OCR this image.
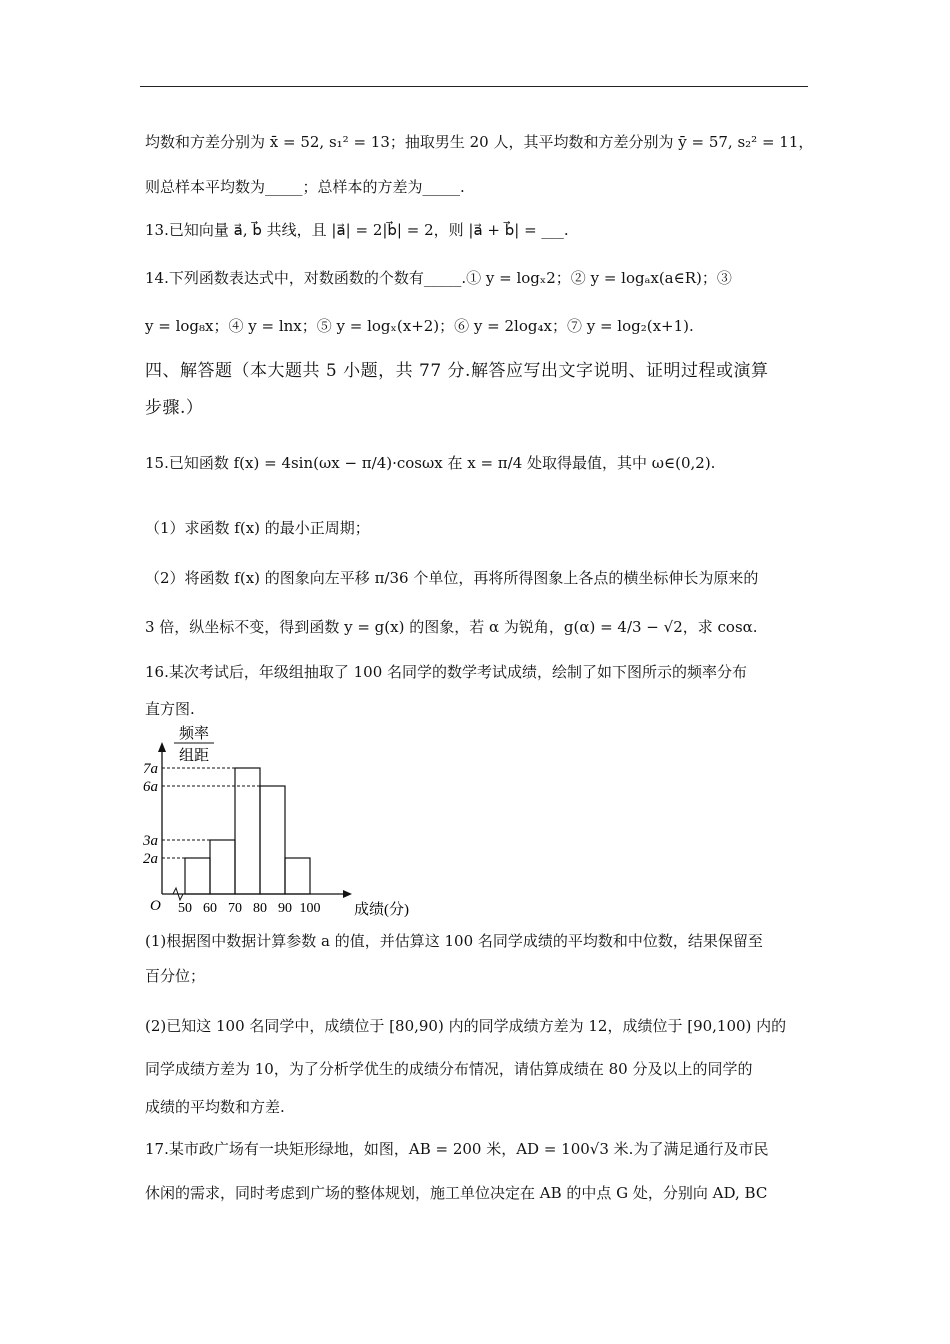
均数和方差分别为 x̄ = 52, s₁² = 13；抽取男生 20 人，其平均数和方差分别为 ȳ = 57, s₂² = 11，
则总样本平均数为_____；总样本的方差为_____.
13.已知向量 a⃗, b⃗ 共线，且 |a⃗| = 2|b⃗| = 2，则 |a⃗ + b⃗| = ___.
14.下列函数表达式中，对数函数的个数有_____.① y = logₓ2；② y = logₐx(a∈R)；③
y = log₈x；④ y = lnx；⑤ y = logₓ(x+2)；⑥ y = 2log₄x；⑦ y = log₂(x+1).
四、解答题（本大题共 5 小题，共 77 分.解答应写出文字说明、证明过程或演算
步骤.）
15.已知函数 f(x) = 4sin(ωx − π/4)·cosωx 在 x = π/4 处取得最值，其中 ω∈(0,2).
（1）求函数 f(x) 的最小正周期；
（2）将函数 f(x) 的图象向左平移 π/36 个单位，再将所得图象上各点的横坐标伸长为原来的
3 倍，纵坐标不变，得到函数 y = g(x) 的图象，若 α 为锐角，g(α) = 4/3 − √2，求 cosα.
16.某次考试后，年级组抽取了 100 名同学的数学考试成绩，绘制了如下图所示的频率分布
直方图.
2a
3a
6a
7a
50 60 70 80 90 100
O	成绩(分)
频率
组距
(1)根据图中数据计算参数 a 的值，并估算这 100 名同学成绩的平均数和中位数，结果保留至
百分位；
(2)已知这 100 名同学中，成绩位于 [80,90) 内的同学成绩方差为 12，成绩位于 [90,100) 内的
同学成绩方差为 10，为了分析学优生的成绩分布情况，请估算成绩在 80 分及以上的同学的
成绩的平均数和方差.
17.某市政广场有一块矩形绿地，如图，AB = 200 米，AD = 100√3 米.为了满足通行及市民
休闲的需求，同时考虑到广场的整体规划，施工单位决定在 AB 的中点 G 处，分别向 AD, BC
